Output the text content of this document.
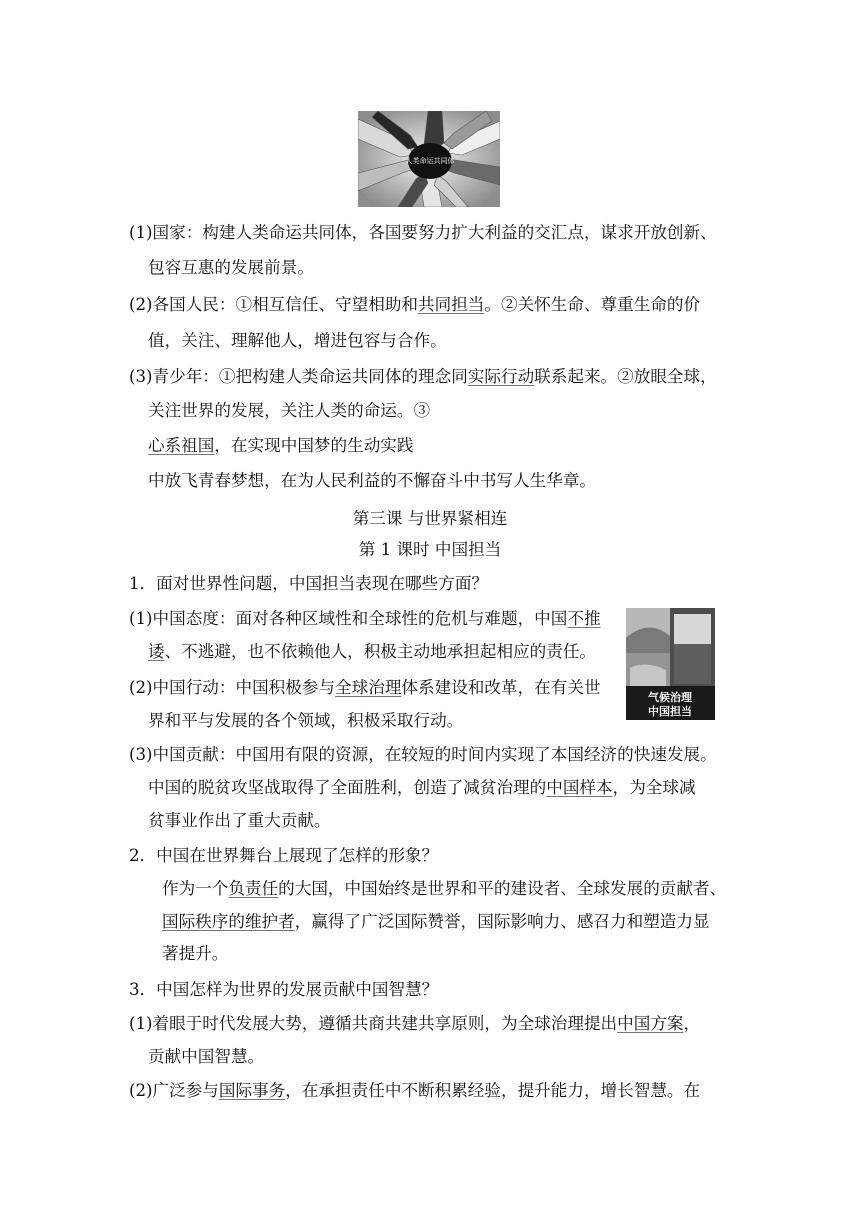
人类命运共同体
气候治理
中国担当
(1)国家：构建人类命运共同体，各国要努力扩大利益的交汇点，谋求开放创新、
包容互惠的发展前景。
(2)各国人民：①相互信任、守望相助和共同担当。②关怀生命、尊重生命的价
值，关注、理解他人，增进包容与合作。
(3)青少年：①把构建人类命运共同体的理念同实际行动联系起来。②放眼全球，
关注世界的发展，关注人类的命运。③
心系祖国，在实现中国梦的生动实践
中放飞青春梦想，在为人民利益的不懈奋斗中书写人生华章。
第三课 与世界紧相连
第 1 课时 中国担当
1．面对世界性问题，中国担当表现在哪些方面？
(1)中国态度：面对各种区域性和全球性的危机与难题，中国不推
诿、不逃避，也不依赖他人，积极主动地承担起相应的责任。
(2)中国行动：中国积极参与全球治理体系建设和改革，在有关世
界和平与发展的各个领域，积极采取行动。
(3)中国贡献：中国用有限的资源，在较短的时间内实现了本国经济的快速发展。
中国的脱贫攻坚战取得了全面胜利，创造了减贫治理的中国样本，为全球减
贫事业作出了重大贡献。
2．中国在世界舞台上展现了怎样的形象？
作为一个负责任的大国，中国始终是世界和平的建设者、全球发展的贡献者、
国际秩序的维护者，赢得了广泛国际赞誉，国际影响力、感召力和塑造力显
著提升。
3．中国怎样为世界的发展贡献中国智慧？
(1)着眼于时代发展大势，遵循共商共建共享原则，为全球治理提出中国方案，
贡献中国智慧。
(2)广泛参与国际事务，在承担责任中不断积累经验，提升能力，增长智慧。在
